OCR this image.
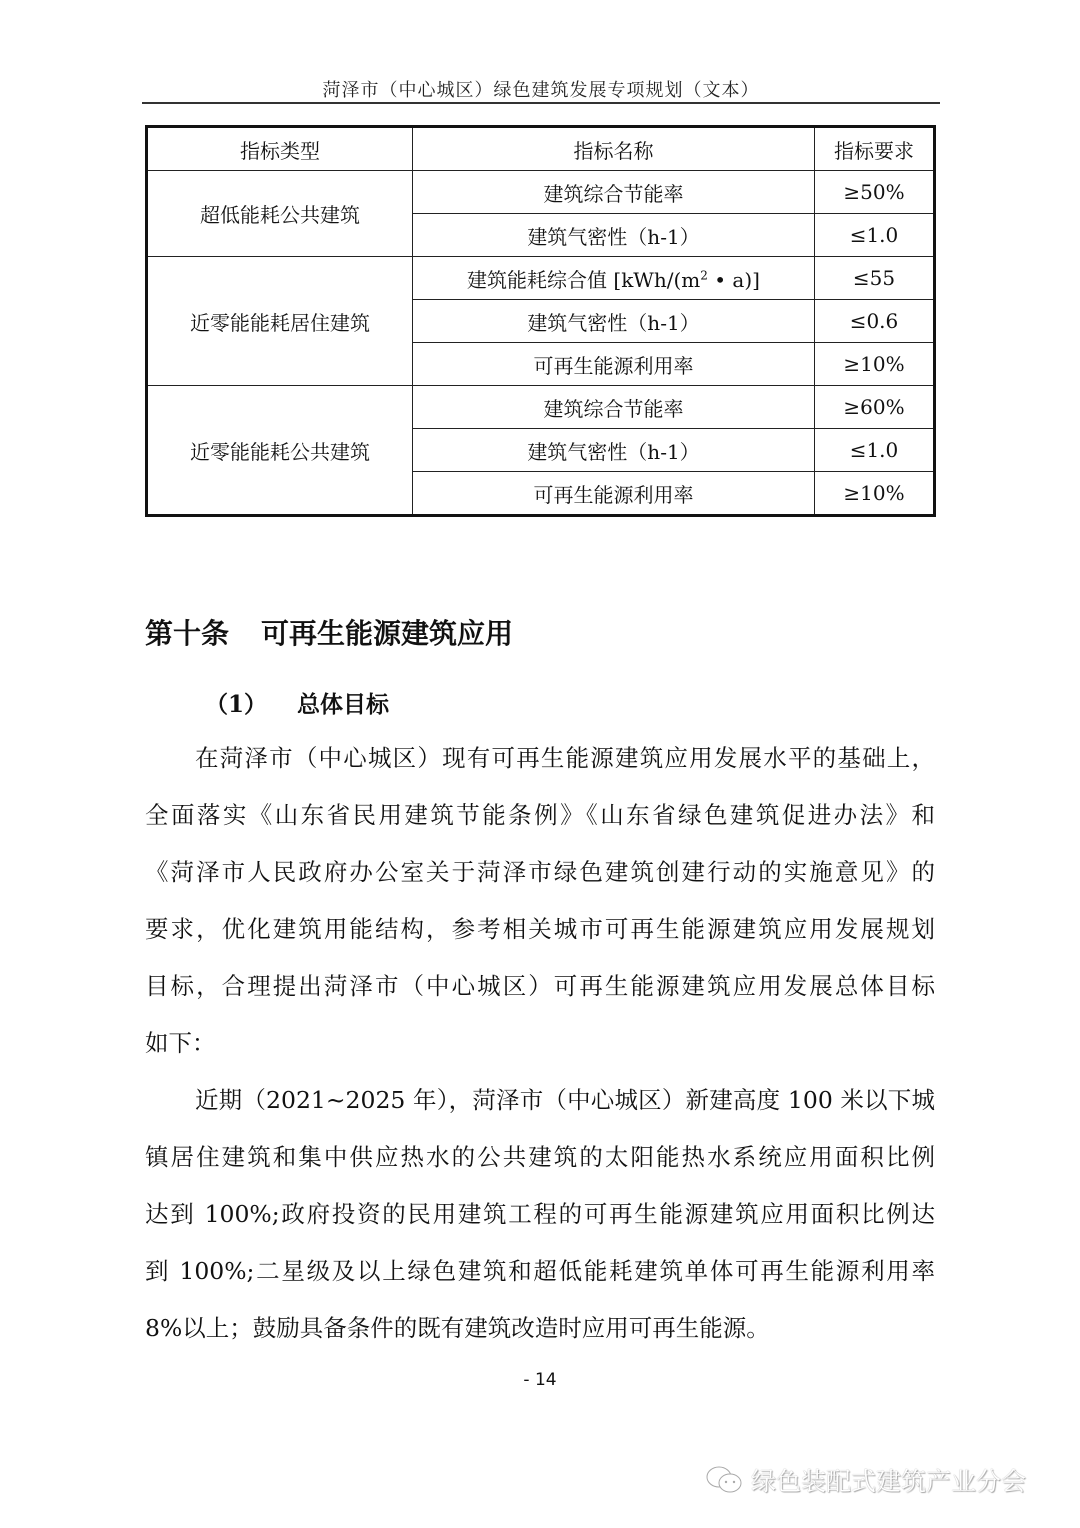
菏泽市（中心城区）绿色建筑发展专项规划（文本）
指标类型	指标名称	指标要求
超低能耗公共建筑	建筑综合节能率	≥50%
	建筑气密性（h-1）	≤1.0
近零能能耗居住建筑	建筑能耗综合值 [$kWh/(m^2$ • a)]	≤55
	建筑气密性（h-1）	≤0.6
	可再生能源利用率	≥10%
近零能能耗公共建筑	建筑综合节能率	≥60%
	建筑气密性（h-1）	≤1.0
	可再生能源利用率	≥10%
第十条 可再生能源建筑应用
（1） 总体目标
在菏泽市（中心城区）现有可再生能源建筑应用发展水平的基础上，
全面落实《山东省民用建筑节能条例》《山东省绿色建筑促进办法》和
《菏泽市人民政府办公室关于菏泽市绿色建筑创建行动的实施意见》的
要求，优化建筑用能结构，参考相关城市可再生能源建筑应用发展规划
目标，合理提出菏泽市（中心城区）可再生能源建筑应用发展总体目标
如下：
近期（2021~2025 年），菏泽市（中心城区）新建高度 100 米以下城
镇居住建筑和集中供应热水的公共建筑的太阳能热水系统应用面积比例
达到 100%;政府投资的民用建筑工程的可再生能源建筑应用面积比例达
到 100%;二星级及以上绿色建筑和超低能耗建筑单体可再生能源利用率
8%以上；鼓励具备条件的既有建筑改造时应用可再生能源。
- 14
绿色装配式建筑产业分会
